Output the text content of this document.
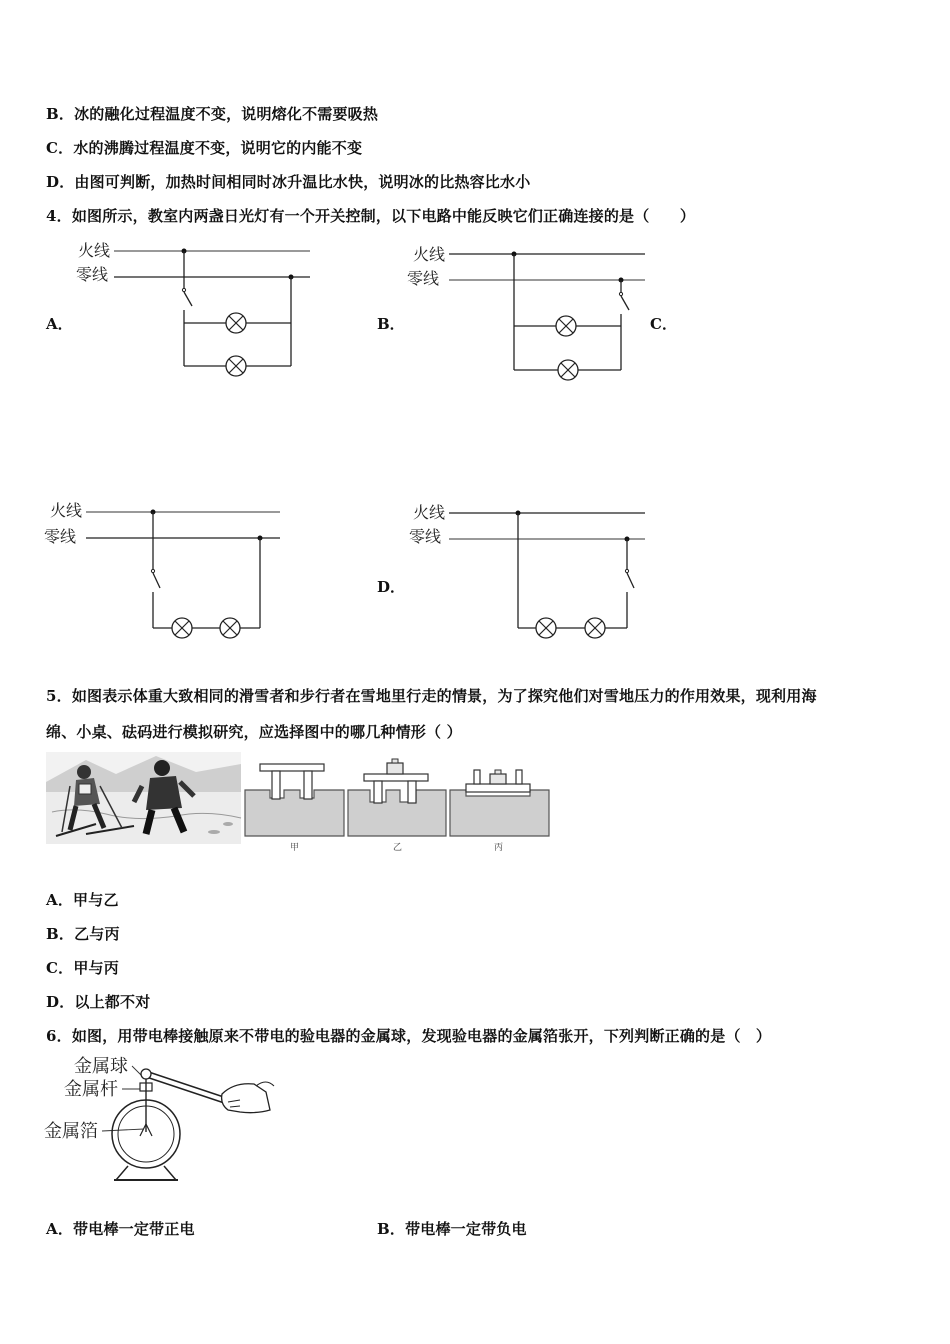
B．冰的融化过程温度不变，说明熔化不需要吸热
C．水的沸腾过程温度不变，说明它的内能不变
D．由图可判断，加热时间相同时冰升温比水快，说明冰的比热容比水小
4．如图所示，教室内两盏日光灯有一个开关控制，以下电路中能反映它们正确连接的是（　　）
火线
零线
A．
火线
零线
B．	C．
火线
零线
火线
零线
D．
5．如图表示体重大致相同的滑雪者和步行者在雪地里行走的情景，为了探究他们对雪地压力的作用效果，现利用海
绵、小桌、砝码进行模拟研究，应选择图中的哪几种情形（ ）
甲	乙	丙
A．甲与乙
B．乙与丙
C．甲与丙
D．以上都不对
6．如图，用带电棒接触原来不带电的验电器的金属球，发现验电器的金属箔张开，下列判断正确的是（　）
金属球
金属杆
金属箔
A．带电棒一定带正电	B．带电棒一定带负电
